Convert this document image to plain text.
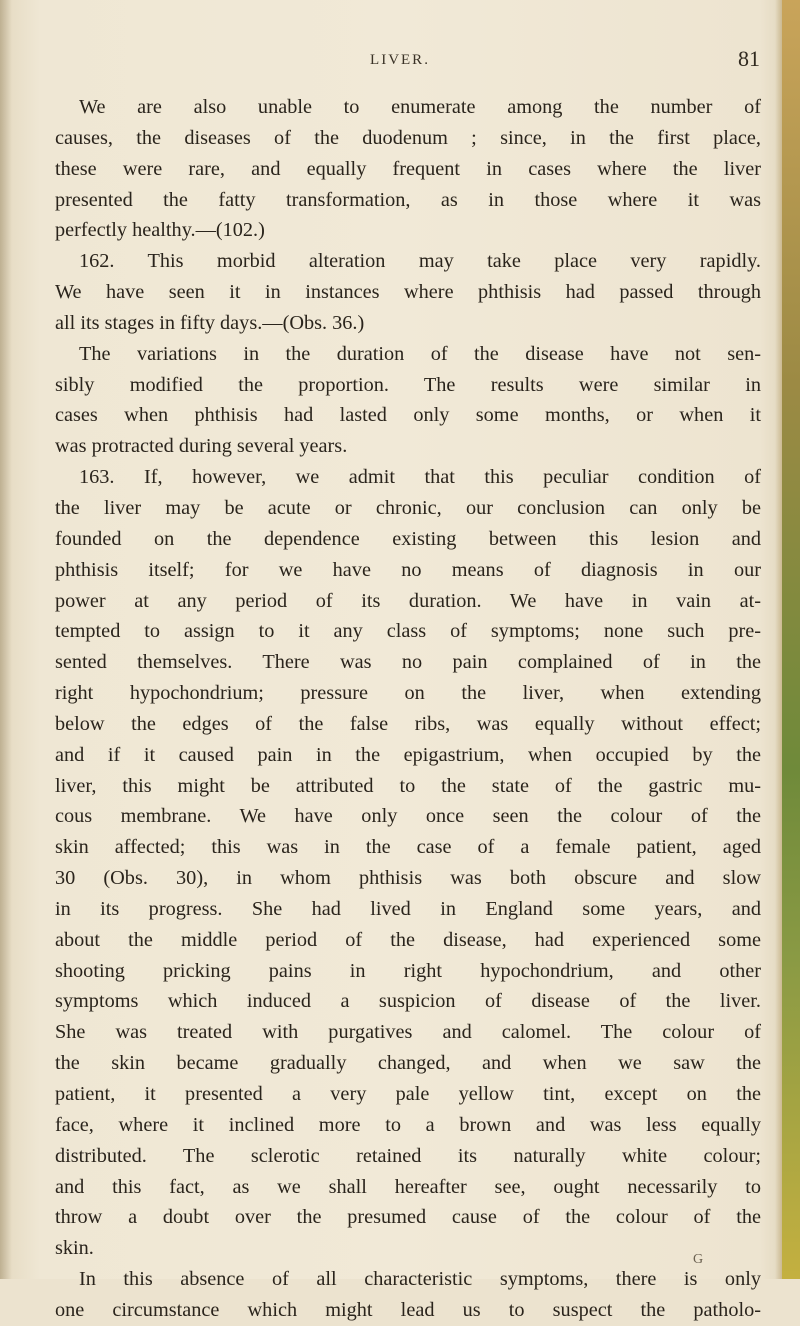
LIVER.	81
We are also unable to enumerate among the number of
causes, the diseases of the duodenum ; since, in the first place,
these were rare, and equally frequent in cases where the liver
presented the fatty transformation, as in those where it was
perfectly healthy.—(102.)
162. This morbid alteration may take place very rapidly.
We have seen it in instances where phthisis had passed through
all its stages in fifty days.—(Obs. 36.)
The variations in the duration of the disease have not sen-
sibly modified the proportion. The results were similar in
cases when phthisis had lasted only some months, or when it
was protracted during several years.
163. If, however, we admit that this peculiar condition of
the liver may be acute or chronic, our conclusion can only be
founded on the dependence existing between this lesion and
phthisis itself; for we have no means of diagnosis in our
power at any period of its duration. We have in vain at-
tempted to assign to it any class of symptoms; none such pre-
sented themselves. There was no pain complained of in the
right hypochondrium; pressure on the liver, when extending
below the edges of the false ribs, was equally without effect;
and if it caused pain in the epigastrium, when occupied by the
liver, this might be attributed to the state of the gastric mu-
cous membrane. We have only once seen the colour of the
skin affected; this was in the case of a female patient, aged
30 (Obs. 30), in whom phthisis was both obscure and slow
in its progress. She had lived in England some years, and
about the middle period of the disease, had experienced some
shooting pricking pains in right hypochondrium, and other
symptoms which induced a suspicion of disease of the liver.
She was treated with purgatives and calomel. The colour of
the skin became gradually changed, and when we saw the
patient, it presented a very pale yellow tint, except on the
face, where it inclined more to a brown and was less equally
distributed. The sclerotic retained its naturally white colour;
and this fact, as we shall hereafter see, ought necessarily to
throw a doubt over the presumed cause of the colour of the
skin.
In this absence of all characteristic symptoms, there is only
one circumstance which might lead us to suspect the patholo-
G
